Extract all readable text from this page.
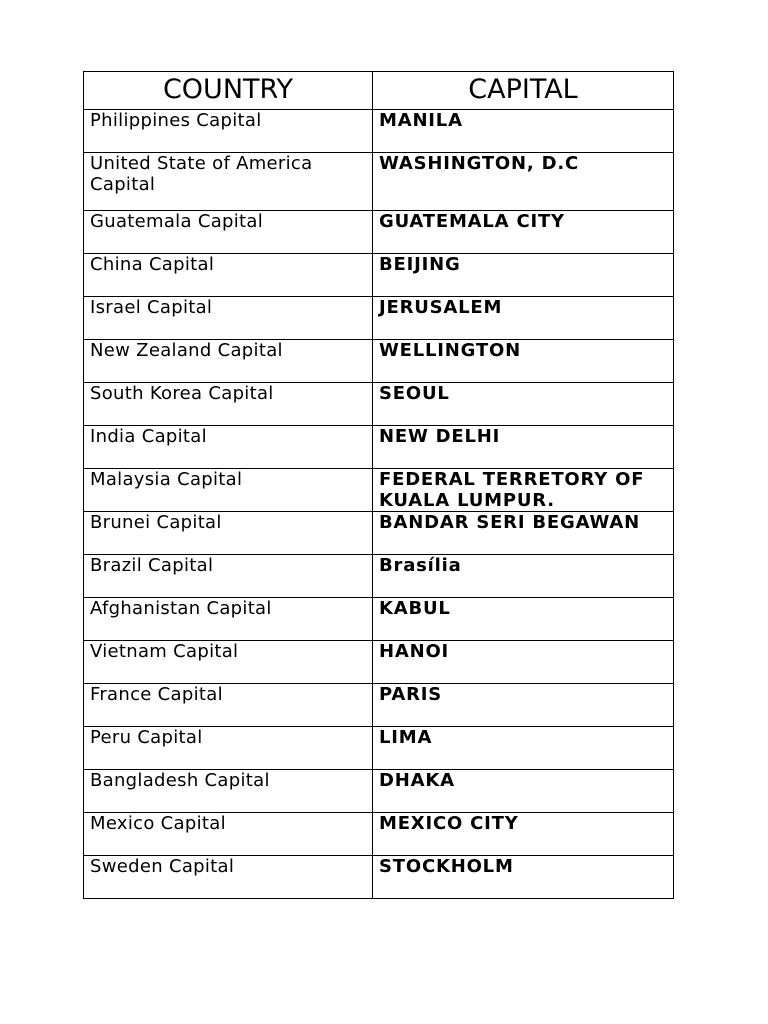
COUNTRY	CAPITAL
Philippines Capital	MANILA
United State of America Capital	WASHINGTON, D.C
Guatemala Capital	GUATEMALA CITY
China Capital	BEIJING
Israel Capital	JERUSALEM
New Zealand Capital	WELLINGTON
South Korea Capital	SEOUL
India Capital	NEW DELHI
Malaysia Capital	FEDERAL TERRETORY OF KUALA LUMPUR.
Brunei Capital	BANDAR SERI BEGAWAN
Brazil Capital	Brasília
Afghanistan Capital	KABUL
Vietnam Capital	HANOI
France Capital	PARIS
Peru Capital	LIMA
Bangladesh Capital	DHAKA
Mexico Capital	MEXICO CITY
Sweden Capital	STOCKHOLM
